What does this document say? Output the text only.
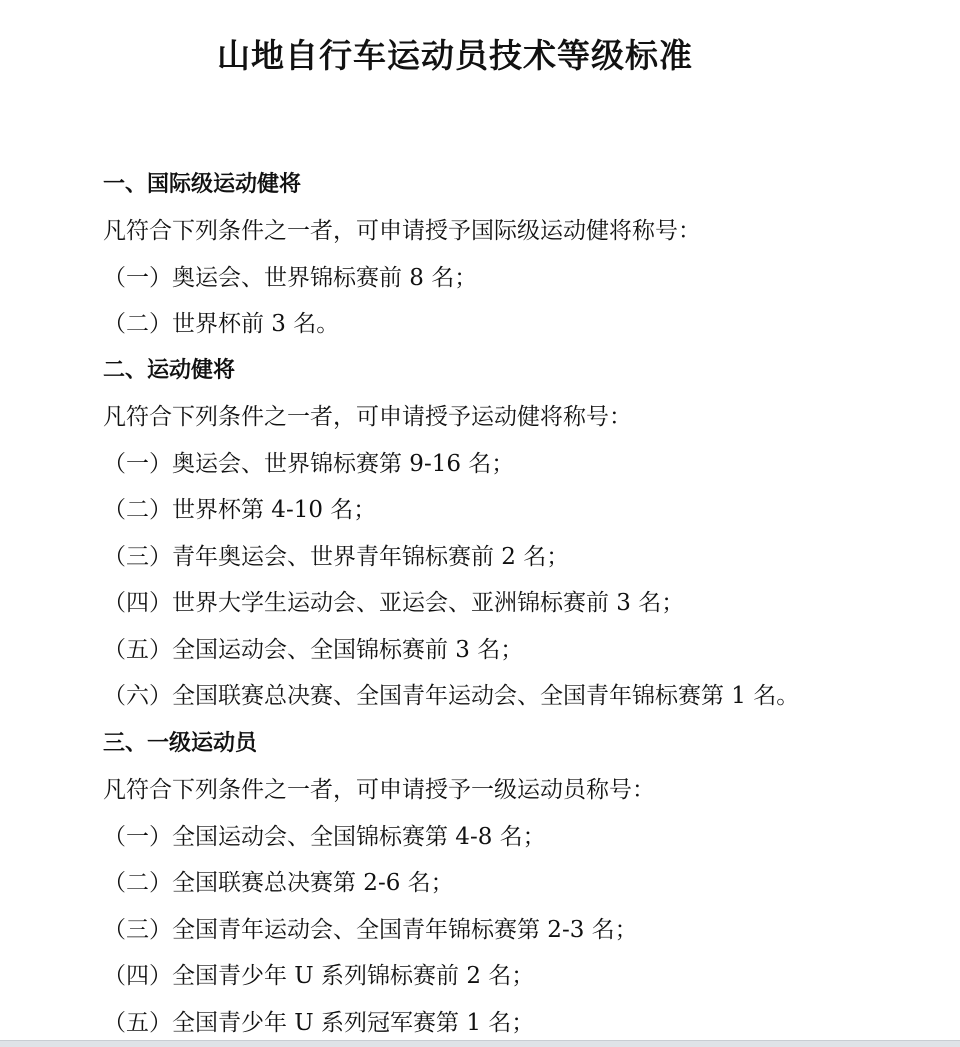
山地自行车运动员技术等级标准

一、国际级运动健将

凡符合下列条件之一者，可申请授予国际级运动健将称号：

（一）奥运会、世界锦标赛前 8 名；

（二）世界杯前 3 名。

二、运动健将

凡符合下列条件之一者，可申请授予运动健将称号：

（一）奥运会、世界锦标赛第 9-16 名；

（二）世界杯第 4-10 名；

（三）青年奥运会、世界青年锦标赛前 2 名；

（四）世界大学生运动会、亚运会、亚洲锦标赛前 3 名；

（五）全国运动会、全国锦标赛前 3 名；

（六）全国联赛总决赛、全国青年运动会、全国青年锦标赛第 1 名。

三、一级运动员

凡符合下列条件之一者，可申请授予一级运动员称号：

（一）全国运动会、全国锦标赛第 4-8 名；

（二）全国联赛总决赛第 2-6 名；

（三）全国青年运动会、全国青年锦标赛第 2-3 名；

（四）全国青少年 U 系列锦标赛前 2 名；

（五）全国青少年 U 系列冠军赛第 1 名；
